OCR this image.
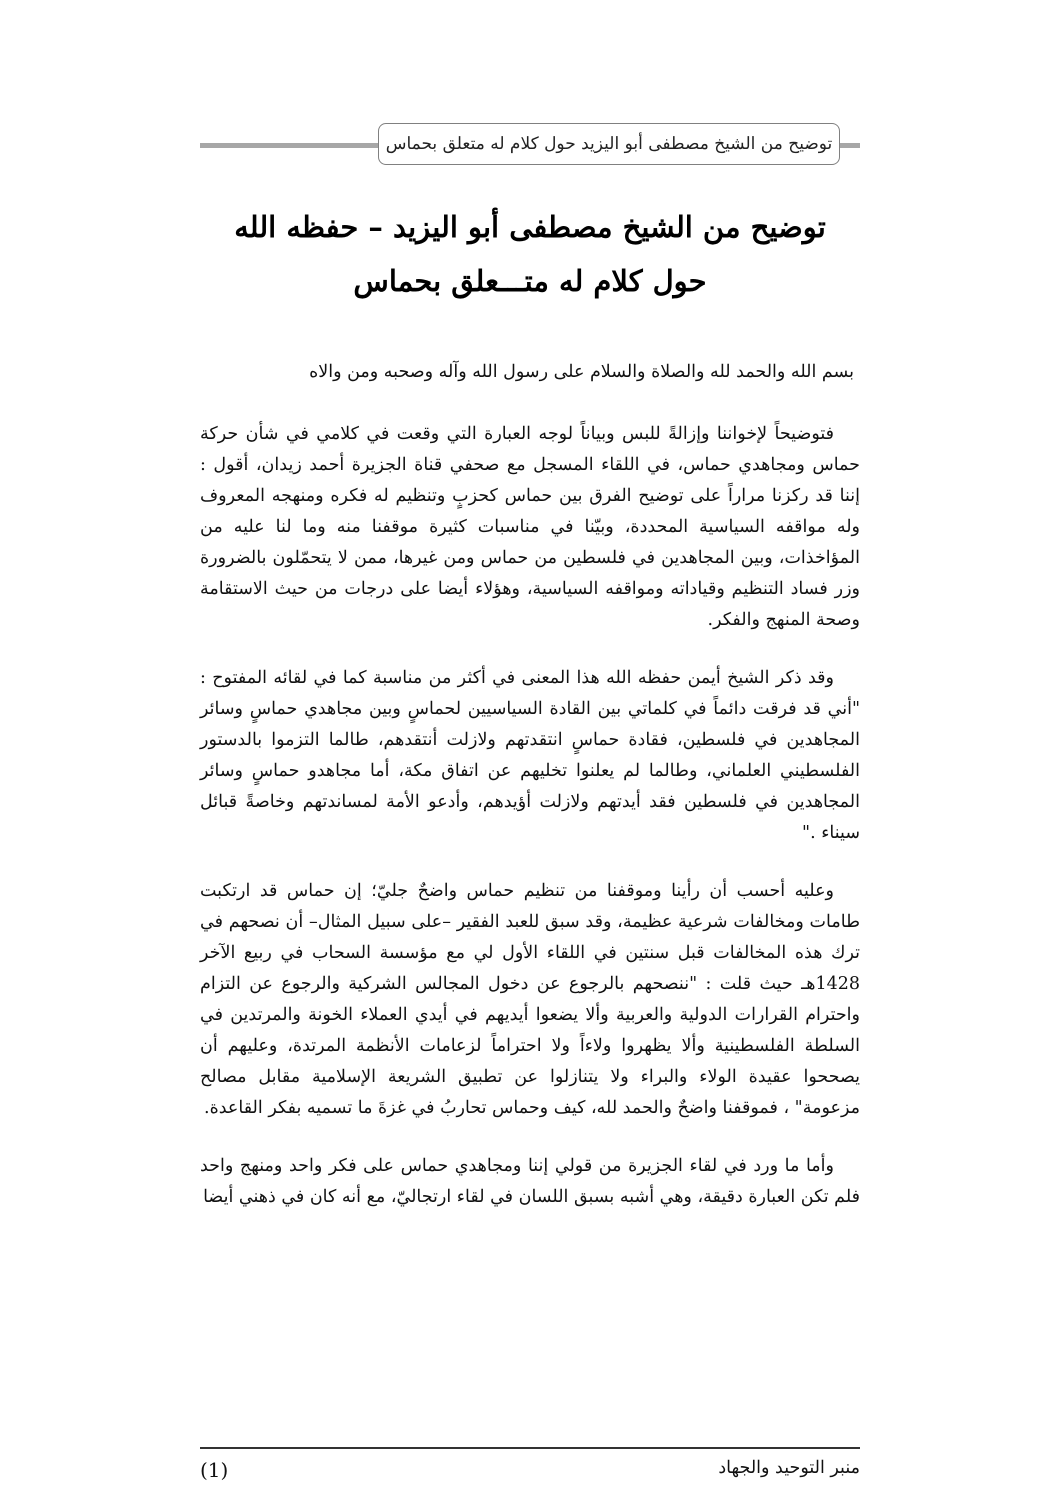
توضيح من الشيخ مصطفى أبو اليزيد حول كلام له متعلق بحماس
توضيح من الشيخ مصطفى أبو اليزيد – حفظه الله
حول كلام له متـــعلق بحماس
بسم الله والحمد لله والصلاة والسلام على رسول الله وآله وصحبه ومن والاه

فتوضيحاً لإخواننا وإزالةً للبس وبياناً لوجه العبارة التي وقعت في كلامي في شأن حركة حماس ومجاهدي حماس، في اللقاء المسجل مع صحفي قناة الجزيرة أحمد زيدان، أقول : إننا قد ركزنا مراراً على توضيح الفرق بين حماس كحزبٍ وتنظيم له فكره ومنهجه المعروف وله مواقفه السياسية المحددة، وبيّنا في مناسبات كثيرة موقفنا منه وما لنا عليه من المؤاخذات، وبين المجاهدين في فلسطين من حماس ومن غيرها، ممن لا يتحمّلون بالضرورة وزر فساد التنظيم وقياداته ومواقفه السياسية، وهؤلاء أيضا على درجات من حيث الاستقامة وصحة المنهج والفكر.

وقد ذكر الشيخ أيمن حفظه الله هذا المعنى في أكثر من مناسبة كما في لقائه المفتوح : "أني قد فرقت دائماً في كلماتي بين القادة السياسيين لحماسٍ وبين مجاهدي حماسٍ وسائر المجاهدين في فلسطين، فقادة حماسٍ انتقدتهم ولازلت أنتقدهم، طالما التزموا بالدستور الفلسطيني العلماني، وطالما لم يعلنوا تخليهم عن اتفاق مكة، أما مجاهدو حماسٍ وسائر المجاهدين في فلسطين فقد أيدتهم ولازلت أؤيدهم، وأدعو الأمة لمساندتهم وخاصةً قبائل سيناء ."

وعليه أحسب أن رأينا وموقفنا من تنظيم حماس واضحٌ جليّ؛ إن حماس قد ارتكبت طامات ومخالفات شرعية عظيمة، وقد سبق للعبد الفقير –على سبيل المثال– أن نصحهم في ترك هذه المخالفات قبل سنتين في اللقاء الأول لي مع مؤسسة السحاب في ربيع الآخر 1428هـ حيث قلت : "ننصحهم بالرجوع عن دخول المجالس الشركية والرجوع عن التزام واحترام القرارات الدولية والعربية وألا يضعوا أيديهم في أيدي العملاء الخونة والمرتدين في السلطة الفلسطينية وألا يظهروا ولاءاً ولا احتراماً لزعامات الأنظمة المرتدة، وعليهم أن يصححوا عقيدة الولاء والبراء ولا يتنازلوا عن تطبيق الشريعة الإسلامية مقابل مصالح مزعومة" ، فموقفنا واضحٌ والحمد لله، كيف وحماس تحاربُ في غزةَ ما تسميه بفكر القاعدة.

وأما ما ورد في لقاء الجزيرة من قولي إننا ومجاهدي حماس على فكر واحد ومنهج واحد فلم تكن العبارة دقيقة، وهي أشبه بسبق اللسان في لقاء ارتجاليّ، مع أنه كان في ذهني أيضا

(1)	منبر التوحيد والجهاد
